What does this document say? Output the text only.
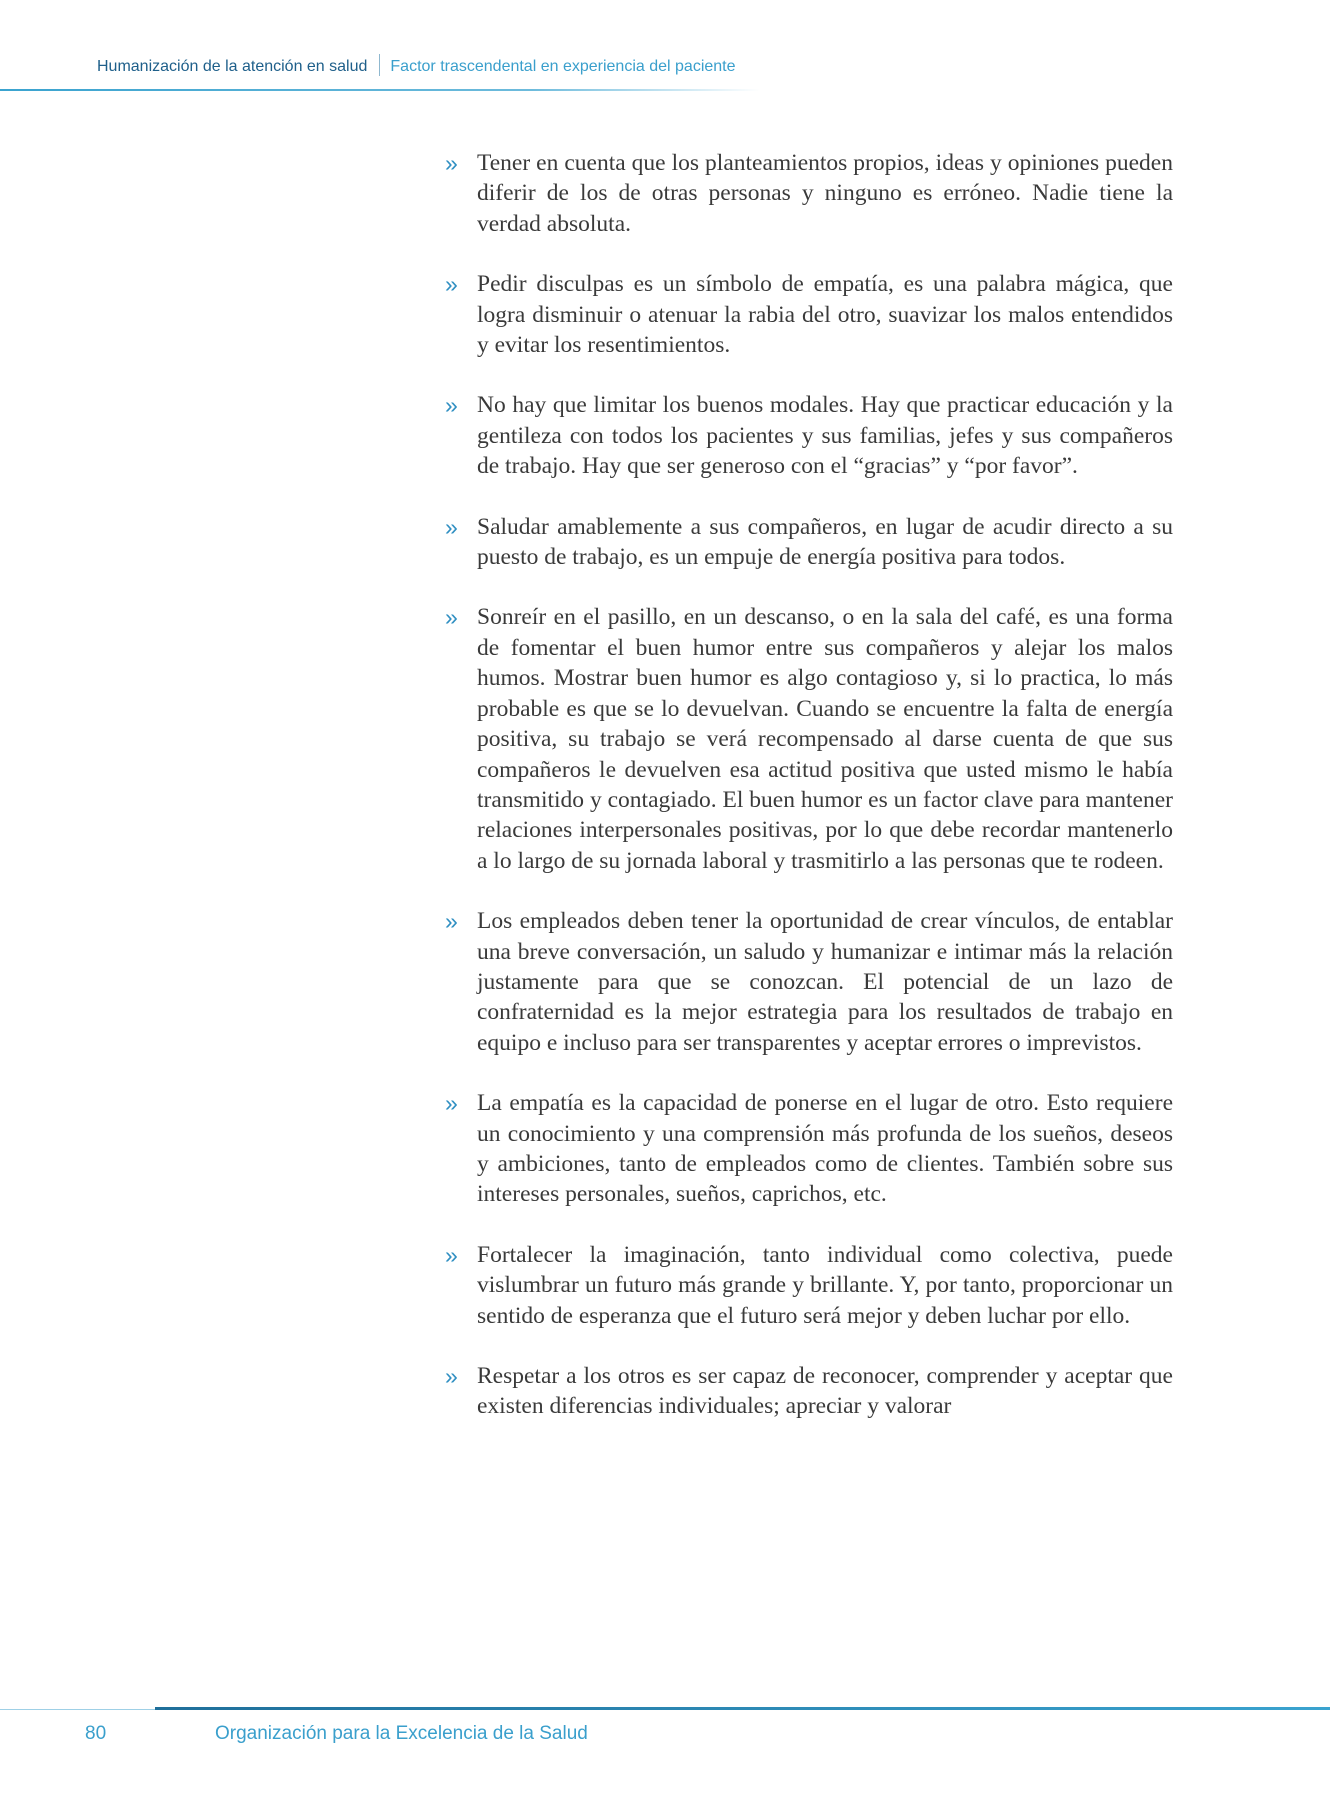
Humanización de la atención en salud Factor trascendental en experiencia del paciente
» Tener en cuenta que los planteamientos propios, ideas y opiniones pueden diferir de los de otras personas y ninguno es erróneo. Nadie tiene la verdad absoluta.
» Pedir disculpas es un símbolo de empatía, es una palabra mágica, que logra disminuir o atenuar la rabia del otro, suavizar los malos entendidos y evitar los resentimientos.
» No hay que limitar los buenos modales. Hay que practicar educación y la gentileza con todos los pacientes y sus familias, jefes y sus compañeros de trabajo. Hay que ser generoso con el “gracias” y “por favor”.
» Saludar amablemente a sus compañeros, en lugar de acudir directo a su puesto de trabajo, es un empuje de energía positiva para todos.
» Sonreír en el pasillo, en un descanso, o en la sala del café, es una forma de fomentar el buen humor entre sus compañeros y alejar los malos humos. Mostrar buen humor es algo contagioso y, si lo practica, lo más probable es que se lo devuelvan. Cuando se encuentre la falta de energía positiva, su trabajo se verá recompensado al darse cuenta de que sus compañeros le devuelven esa actitud positiva que usted mismo le había transmitido y contagiado. El buen humor es un factor clave para mantener relaciones interpersonales positivas, por lo que debe recordar mantenerlo a lo largo de su jornada laboral y trasmitirlo a las personas que te rodeen.
» Los empleados deben tener la oportunidad de crear vínculos, de entablar una breve conversación, un saludo y humanizar e intimar más la relación justamente para que se conozcan. El potencial de un lazo de confraternidad es la mejor estrategia para los resultados de trabajo en equipo e incluso para ser transparentes y aceptar errores o imprevistos.
» La empatía es la capacidad de ponerse en el lugar de otro. Esto requiere un conocimiento y una comprensión más profunda de los sueños, deseos y ambiciones, tanto de empleados como de clientes. También sobre sus intereses personales, sueños, caprichos, etc.
» Fortalecer la imaginación, tanto individual como colectiva, puede vislumbrar un futuro más grande y brillante. Y, por tanto, proporcionar un sentido de esperanza que el futuro será mejor y deben luchar por ello.
» Respetar a los otros es ser capaz de reconocer, comprender y aceptar que existen diferencias individuales; apreciar y valorar
80	Organización para la Excelencia de la Salud
